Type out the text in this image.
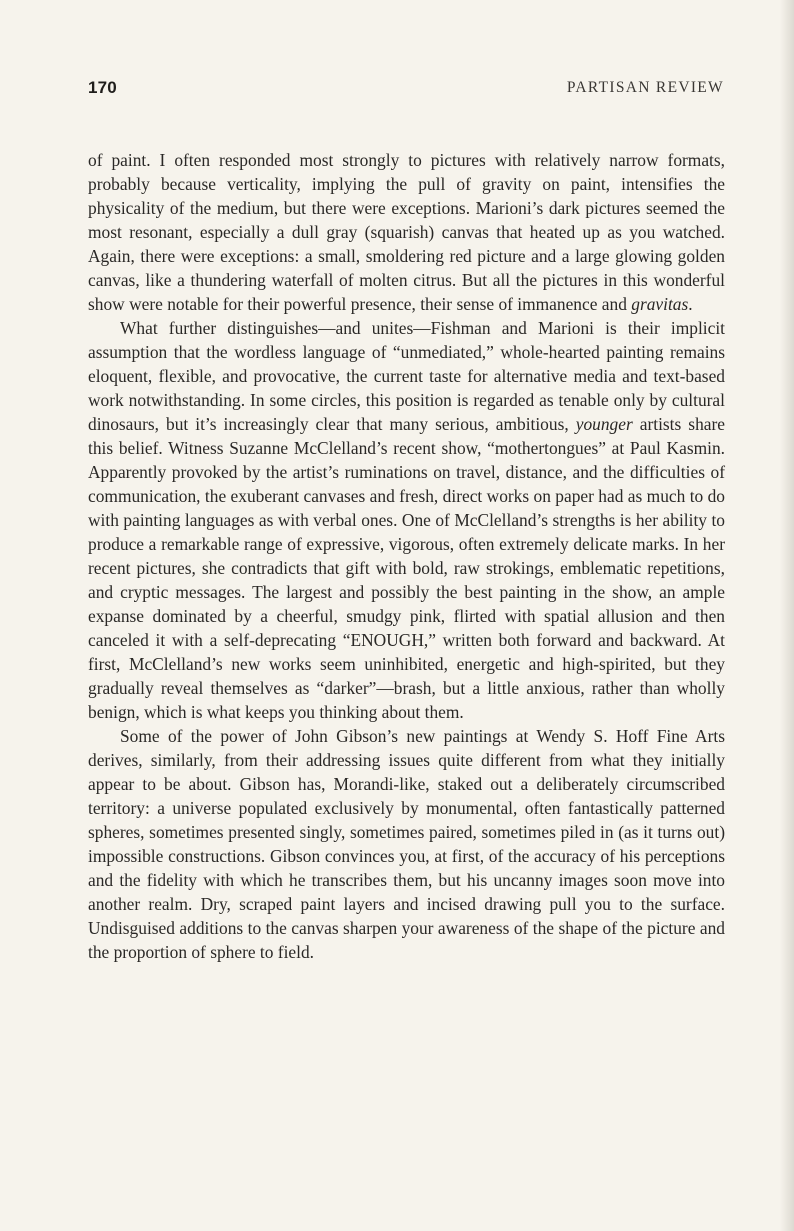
170	PARTISAN REVIEW

of paint. I often responded most strongly to pictures with relatively narrow formats, probably because verticality, implying the pull of gravity on paint, intensifies the physicality of the medium, but there were exceptions. Marioni’s dark pictures seemed the most resonant, especially a dull gray (squarish) canvas that heated up as you watched. Again, there were exceptions: a small, smoldering red picture and a large glowing golden canvas, like a thundering waterfall of molten citrus. But all the pictures in this wonderful show were notable for their powerful presence, their sense of immanence and gravitas.

What further distinguishes—and unites—Fishman and Marioni is their implicit assumption that the wordless language of “unmediated,” whole-hearted painting remains eloquent, flexible, and provocative, the current taste for alternative media and text-based work notwithstanding. In some circles, this position is regarded as tenable only by cultural dinosaurs, but it’s increasingly clear that many serious, ambitious, younger artists share this belief. Witness Suzanne McClelland’s recent show, “mothertongues” at Paul Kasmin. Apparently provoked by the artist’s ruminations on travel, distance, and the difficulties of communication, the exuberant canvases and fresh, direct works on paper had as much to do with painting languages as with verbal ones. One of McClelland’s strengths is her ability to produce a remarkable range of expressive, vigorous, often extremely delicate marks. In her recent pictures, she contradicts that gift with bold, raw strokings, emblematic repetitions, and cryptic messages. The largest and possibly the best painting in the show, an ample expanse dominated by a cheerful, smudgy pink, flirted with spatial allusion and then canceled it with a self-deprecating “ENOUGH,” written both forward and backward. At first, McClelland’s new works seem uninhibited, energetic and high-spirited, but they gradually reveal themselves as “darker”—brash, but a little anxious, rather than wholly benign, which is what keeps you thinking about them.

Some of the power of John Gibson’s new paintings at Wendy S. Hoff Fine Arts derives, similarly, from their addressing issues quite different from what they initially appear to be about. Gibson has, Morandi-like, staked out a deliberately circumscribed territory: a universe populated exclusively by monumental, often fantastically patterned spheres, sometimes presented singly, sometimes paired, sometimes piled in (as it turns out) impossible constructions. Gibson convinces you, at first, of the accuracy of his perceptions and the fidelity with which he transcribes them, but his uncanny images soon move into another realm. Dry, scraped paint layers and incised drawing pull you to the surface. Undisguised additions to the canvas sharpen your awareness of the shape of the picture and the proportion of sphere to field.
